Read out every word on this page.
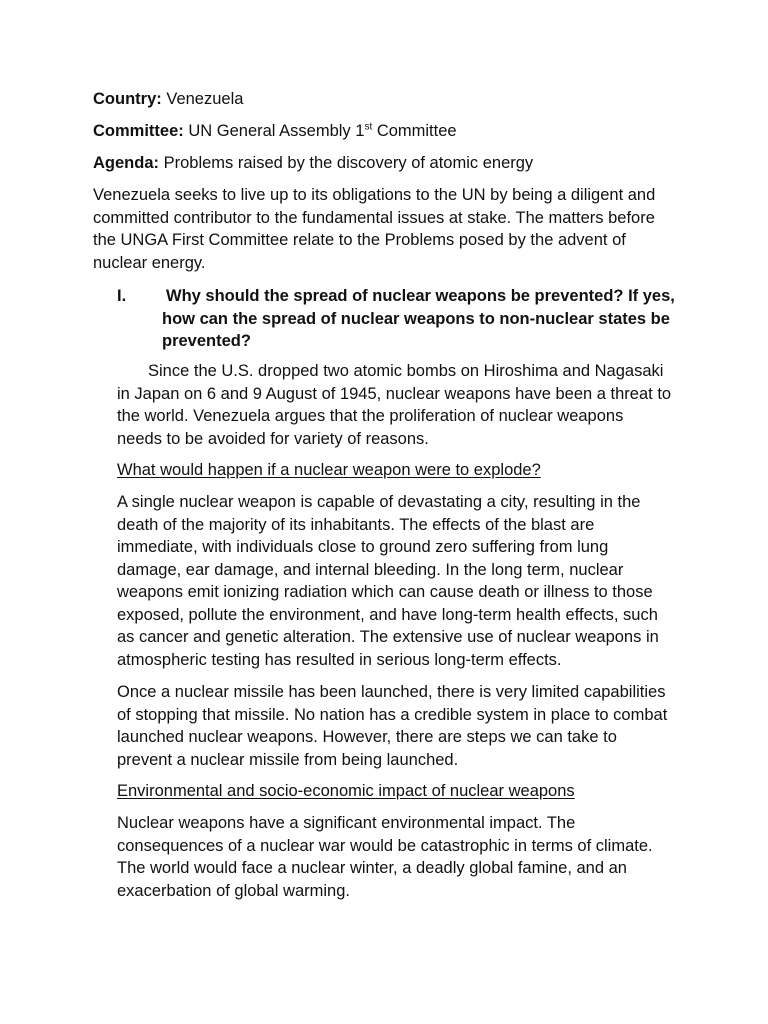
Country: Venezuela
Committee: UN General Assembly 1st Committee
Agenda: Problems raised by the discovery of atomic energy
Venezuela seeks to live up to its obligations to the UN by being a diligent and
committed contributor to the fundamental issues at stake. The matters before
the UNGA First Committee relate to the Problems posed by the advent of
nuclear energy.
I. Why should the spread of nuclear weapons be prevented? If yes,
how can the spread of nuclear weapons to non-nuclear states be
prevented?
Since the U.S. dropped two atomic bombs on Hiroshima and Nagasaki
in Japan on 6 and 9 August of 1945, nuclear weapons have been a threat to
the world. Venezuela argues that the proliferation of nuclear weapons
needs to be avoided for variety of reasons.
What would happen if a nuclear weapon were to explode?
A single nuclear weapon is capable of devastating a city, resulting in the
death of the majority of its inhabitants. The effects of the blast are
immediate, with individuals close to ground zero suffering from lung
damage, ear damage, and internal bleeding. In the long term, nuclear
weapons emit ionizing radiation which can cause death or illness to those
exposed, pollute the environment, and have long-term health effects, such
as cancer and genetic alteration. The extensive use of nuclear weapons in
atmospheric testing has resulted in serious long-term effects.
Once a nuclear missile has been launched, there is very limited capabilities
of stopping that missile. No nation has a credible system in place to combat
launched nuclear weapons. However, there are steps we can take to
prevent a nuclear missile from being launched.
Environmental and socio-economic impact of nuclear weapons
Nuclear weapons have a significant environmental impact. The
consequences of a nuclear war would be catastrophic in terms of climate.
The world would face a nuclear winter, a deadly global famine, and an
exacerbation of global warming.
